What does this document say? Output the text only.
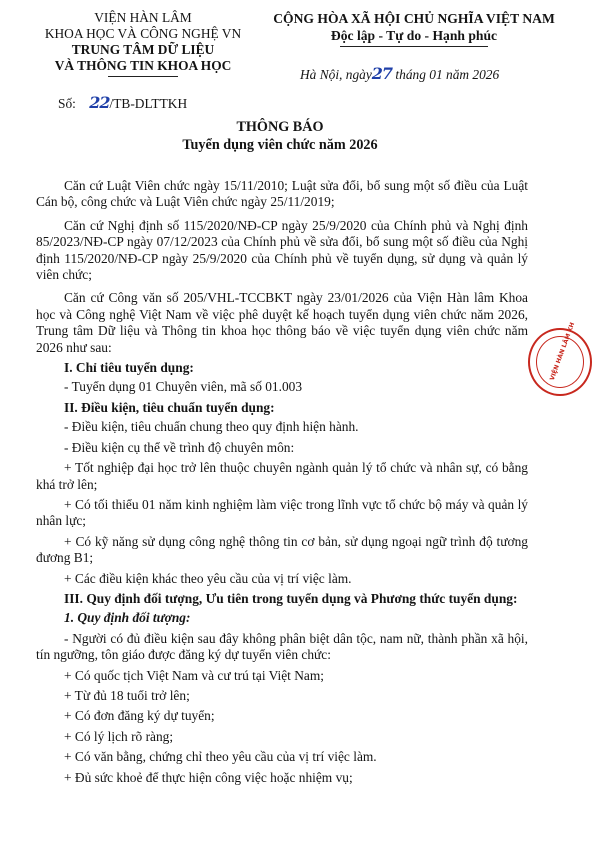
VIỆN HÀN LÂM
KHOA HỌC VÀ CÔNG NGHỆ VN
TRUNG TÂM DỮ LIỆU
VÀ THÔNG TIN KHOA HỌC
CỘNG HÒA XÃ HỘI CHỦ NGHĨA VIỆT NAM
Độc lập - Tự do - Hạnh phúc
Hà Nội, ngày27 tháng 01 năm 2026
Số: 22/TB-DLTTKH
THÔNG BÁO
Tuyển dụng viên chức năm 2026

Căn cứ Luật Viên chức ngày 15/11/2010; Luật sửa đổi, bổ sung một số điều của Luật Cán bộ, công chức và Luật Viên chức ngày 25/11/2019;

Căn cứ Nghị định số 115/2020/NĐ-CP ngày 25/9/2020 của Chính phủ và Nghị định 85/2023/NĐ-CP ngày 07/12/2023 của Chính phủ về sửa đổi, bổ sung một số điều của Nghị định 115/2020/NĐ-CP ngày 25/9/2020 của Chính phủ về tuyển dụng, sử dụng và quản lý viên chức;

Căn cứ Công văn số 205/VHL-TCCBKT ngày 23/01/2026 của Viện Hàn lâm Khoa học và Công nghệ Việt Nam về việc phê duyệt kế hoạch tuyển dụng viên chức năm 2026, Trung tâm Dữ liệu và Thông tin khoa học thông báo về việc tuyển dụng viên chức năm 2026 như sau:

I. Chỉ tiêu tuyển dụng:

- Tuyển dụng 01 Chuyên viên, mã số 01.003

II. Điều kiện, tiêu chuẩn tuyển dụng:

- Điều kiện, tiêu chuẩn chung theo quy định hiện hành.

- Điều kiện cụ thể về trình độ chuyên môn:

+ Tốt nghiệp đại học trở lên thuộc chuyên ngành quản lý tổ chức và nhân sự, có bằng khá trở lên;

+ Có tối thiểu 01 năm kinh nghiệm làm việc trong lĩnh vực tổ chức bộ máy và quản lý nhân lực;

+ Có kỹ năng sử dụng công nghệ thông tin cơ bản, sử dụng ngoại ngữ trình độ tương đương B1;

+ Các điều kiện khác theo yêu cầu của vị trí việc làm.

III. Quy định đối tượng, Ưu tiên trong tuyển dụng và Phương thức tuyển dụng:

1. Quy định đối tượng:

- Người có đủ điều kiện sau đây không phân biệt dân tộc, nam nữ, thành phần xã hội, tín ngưỡng, tôn giáo được đăng ký dự tuyển viên chức:

+ Có quốc tịch Việt Nam và cư trú tại Việt Nam;

+ Từ đủ 18 tuổi trở lên;

+ Có đơn đăng ký dự tuyển;

+ Có lý lịch rõ ràng;

+ Có văn bằng, chứng chỉ theo yêu cầu của vị trí việc làm.

+ Đủ sức khoẻ để thực hiện công việc hoặc nhiệm vụ;

VIỆN HÀN LÂM KH
